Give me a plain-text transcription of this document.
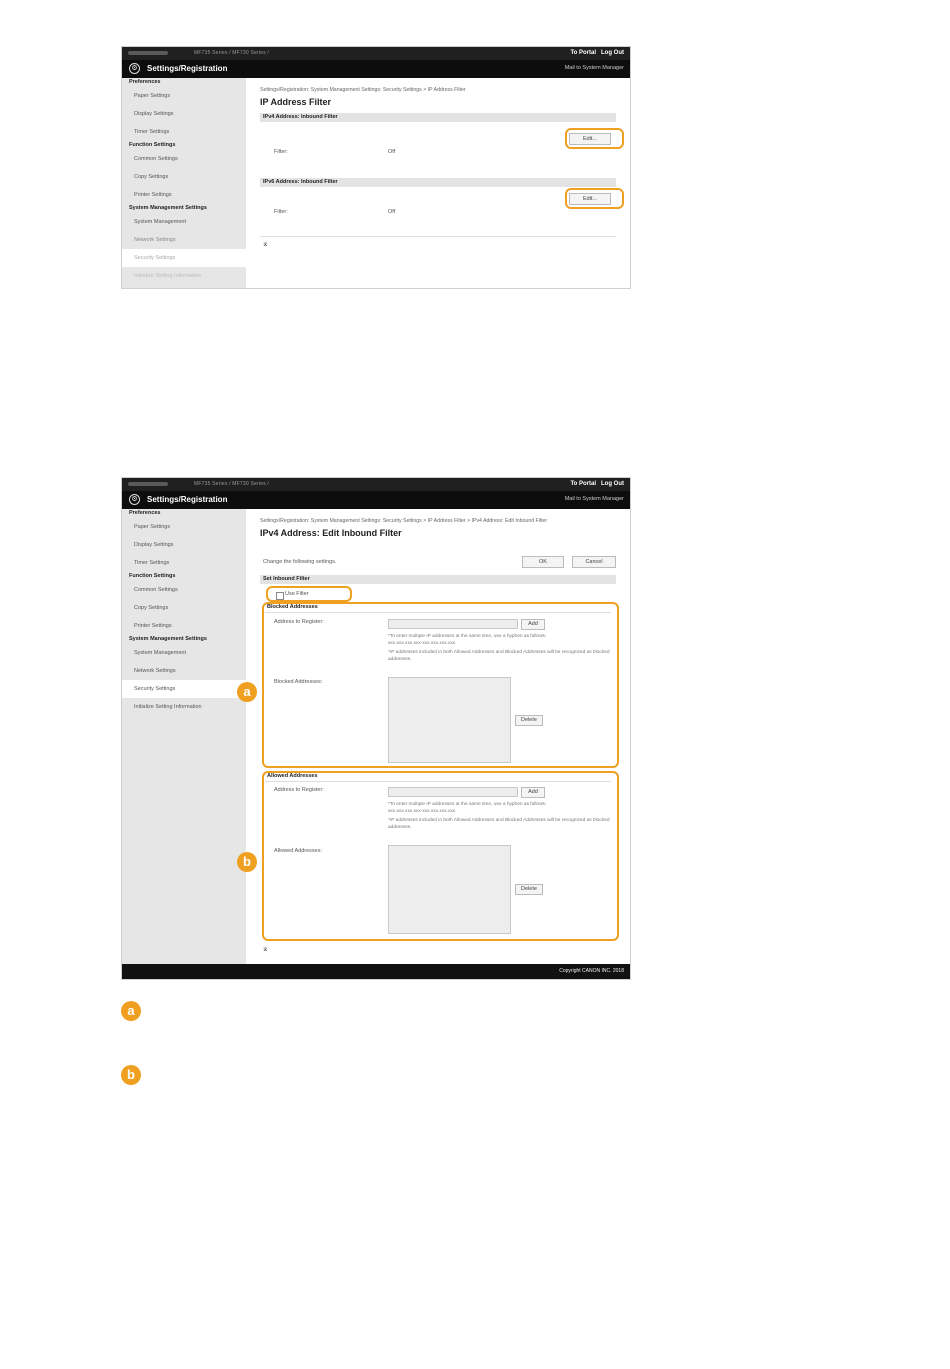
MF735 Series / MF730 Series /	To Portal Log Out
⚙ Settings/Registration	Mail to System Manager
Preferences
Paper Settings
Display Settings
Timer Settings
Function Settings
Common Settings
Copy Settings
Printer Settings
System Management Settings
System Management
Network Settings
Security Settings
Initialize Setting Information
Settings/Registration: System Management Settings: Security Settings > IP Address Filter
IP Address Filter
IPv4 Address: Inbound Filter
Filter:	Off
IPv6 Address: Inbound Filter
Filter:	Off
⌅
Edit...
Edit...
MF735 Series / MF730 Series /	To Portal Log Out
⚙ Settings/Registration	Mail to System Manager
Preferences
Paper Settings
Display Settings
Timer Settings
Function Settings
Common Settings
Copy Settings
Printer Settings
System Management Settings
System Management
Network Settings
Security Settings
Initialize Setting Information
Settings/Registration: System Management Settings: Security Settings > IP Address Filter > IPv4 Address: Edit Inbound Filter
IPv4 Address: Edit Inbound Filter
Change the following settings.	OK	Cancel
Set Inbound Filter
Use Filter
Blocked Addresses
Address to Register:	Add
*To enter multiple IP addresses at the same time, use a hyphen as follows:
xxx.xxx.xxx.xxx-xxx.xxx.xxx.xxx
*IP addresses included in both Allowed Addresses and Blocked Addresses will be recognized as blocked addresses.
Blocked Addresses:
Delete
Allowed Addresses
Address to Register:	Add
*To enter multiple IP addresses at the same time, use a hyphen as follows:
xxx.xxx.xxx.xxx-xxx.xxx.xxx.xxx
*IP addresses included in both Allowed Addresses and Blocked Addresses will be recognized as blocked addresses.
Allowed Addresses:
Delete
⌅
a
b
Copyright CANON INC. 2018
a
b
